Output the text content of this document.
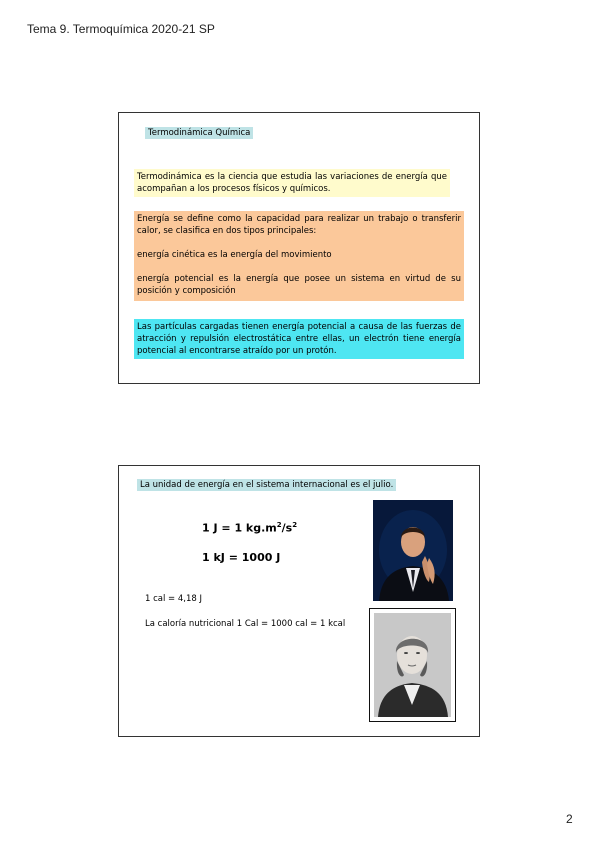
Tema 9. Termoquímica 2020-21 SP
Termodinámica Química
Termodinámica es la ciencia que estudia las variaciones de energía que acompañan a los procesos físicos y químicos.

Energía se define como la capacidad para realizar un trabajo o transferir calor, se clasifica en dos tipos principales:

energía cinética es la energía del movimiento

energía potencial es la energía que posee un sistema en virtud de su posición y composición

Las partículas cargadas tienen energía potencial a causa de las fuerzas de atracción y repulsión electrostática entre ellas, un electrón tiene energía potencial al encontrarse atraído por un protón.
La unidad de energía en el sistema internacional es el julio.
1 J = 1 $kg.m^2/s^2$
1 kJ = 1000 J
1 cal = 4,18 J
La caloría nutricional 1 Cal = 1000 cal = 1 kcal
2
